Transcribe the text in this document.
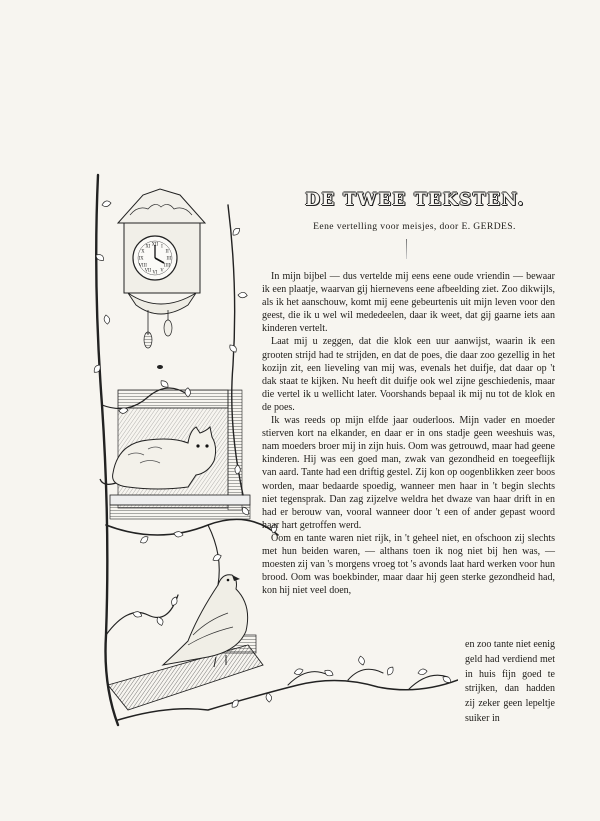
XII I
II
III
IIII
V
VI
VII
VIII
IX
X
XI
DE TWEE TEKSTEN.
Eene vertelling voor meisjes, door E. GERDES.

In mijn bijbel — dus vertelde mij eens eene oude vriendin — bewaar ik een plaatje, waarvan gij hiernevens eene afbeelding ziet. Zoo dikwijls, als ik het aanschouw, komt mij eene gebeurtenis uit mijn leven voor den geest, die ik u wel wil mededeelen, daar ik weet, dat gij gaarne iets aan kinderen vertelt.

Laat mij u zeggen, dat die klok een uur aanwijst, waarin ik een grooten strijd had te strijden, en dat de poes, die daar zoo gezellig in het kozijn zit, een lieveling van mij was, evenals het duifje, dat daar op 't dak staat te kijken. Nu heeft dit duifje ook wel zijne geschiedenis, maar die vertel ik u wellicht later. Voorshands bepaal ik mij nu tot de klok en de poes.

Ik was reeds op mijn elfde jaar ouderloos. Mijn vader en moeder stierven kort na elkander, en daar er in ons stadje geen weeshuis was, nam moeders broer mij in zijn huis. Oom was getrouwd, maar had geene kinderen. Hij was een goed man, zwak van gezondheid en toegeeflijk van aard. Tante had een driftig gestel. Zij kon op oogenblikken zeer boos worden, maar bedaarde spoedig, wanneer men haar in 't begin slechts niet tegensprak. Dan zag zijzelve weldra het dwaze van haar drift in en had er berouw van, vooral wanneer door 't een of ander gepast woord haar hart getroffen werd.

Oom en tante waren niet rijk, in 't geheel niet, en ofschoon zij slechts met hun beiden waren, — althans toen ik nog niet bij hen was, — moesten zij van 's morgens vroeg tot 's avonds laat hard werken voor hun brood. Oom was boekbinder, maar daar hij geen sterke gezondheid had, kon hij niet veel doen,

en zoo tante niet eenig geld had verdiend met in huis fijn goed te strijken, dan hadden zij zeker geen lepeltje suiker in
